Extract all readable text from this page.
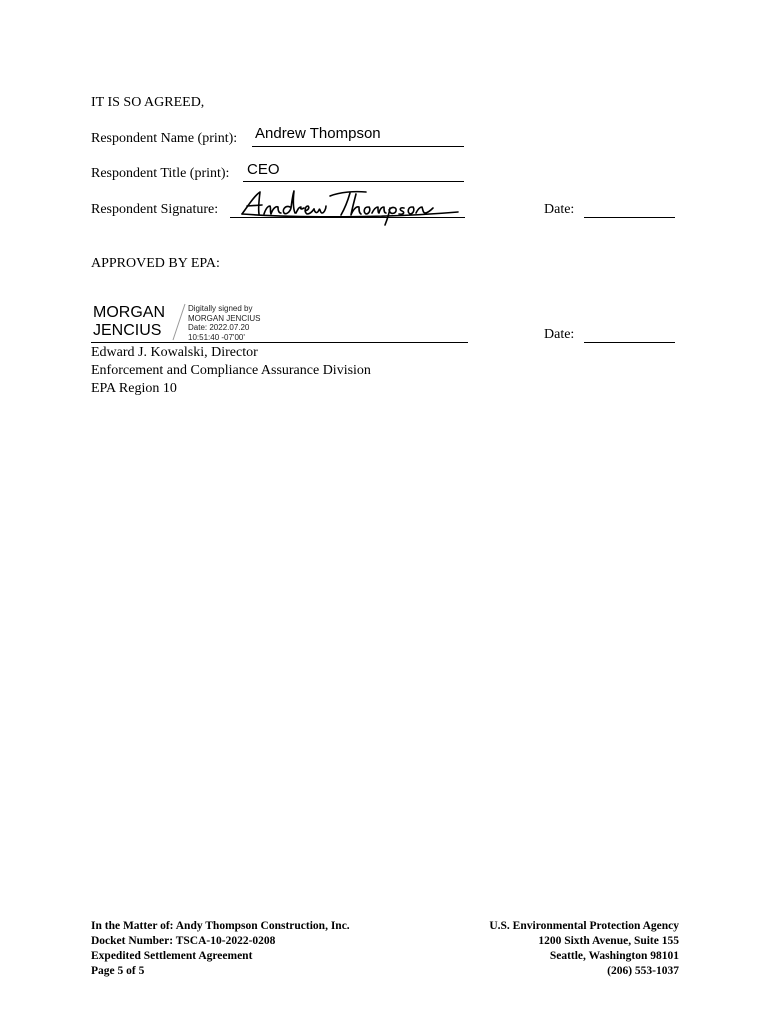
IT IS SO AGREED,
Respondent Name (print): Andrew Thompson
Respondent Title (print): CEO
Respondent Signature:	Date:
APPROVED BY EPA:
MORGAN
JENCIUS
Digitally signed by
MORGAN JENCIUS
Date: 2022.07.20
10:51:40 -07'00'	Date:
Edward J. Kowalski, Director
Enforcement and Compliance Assurance Division
EPA Region 10
In the Matter of: Andy Thompson Construction, Inc.
Docket Number: TSCA-10-2022-0208
Expedited Settlement Agreement
Page 5 of 5
U.S. Environmental Protection Agency
1200 Sixth Avenue, Suite 155
Seattle, Washington 98101
(206) 553-1037
